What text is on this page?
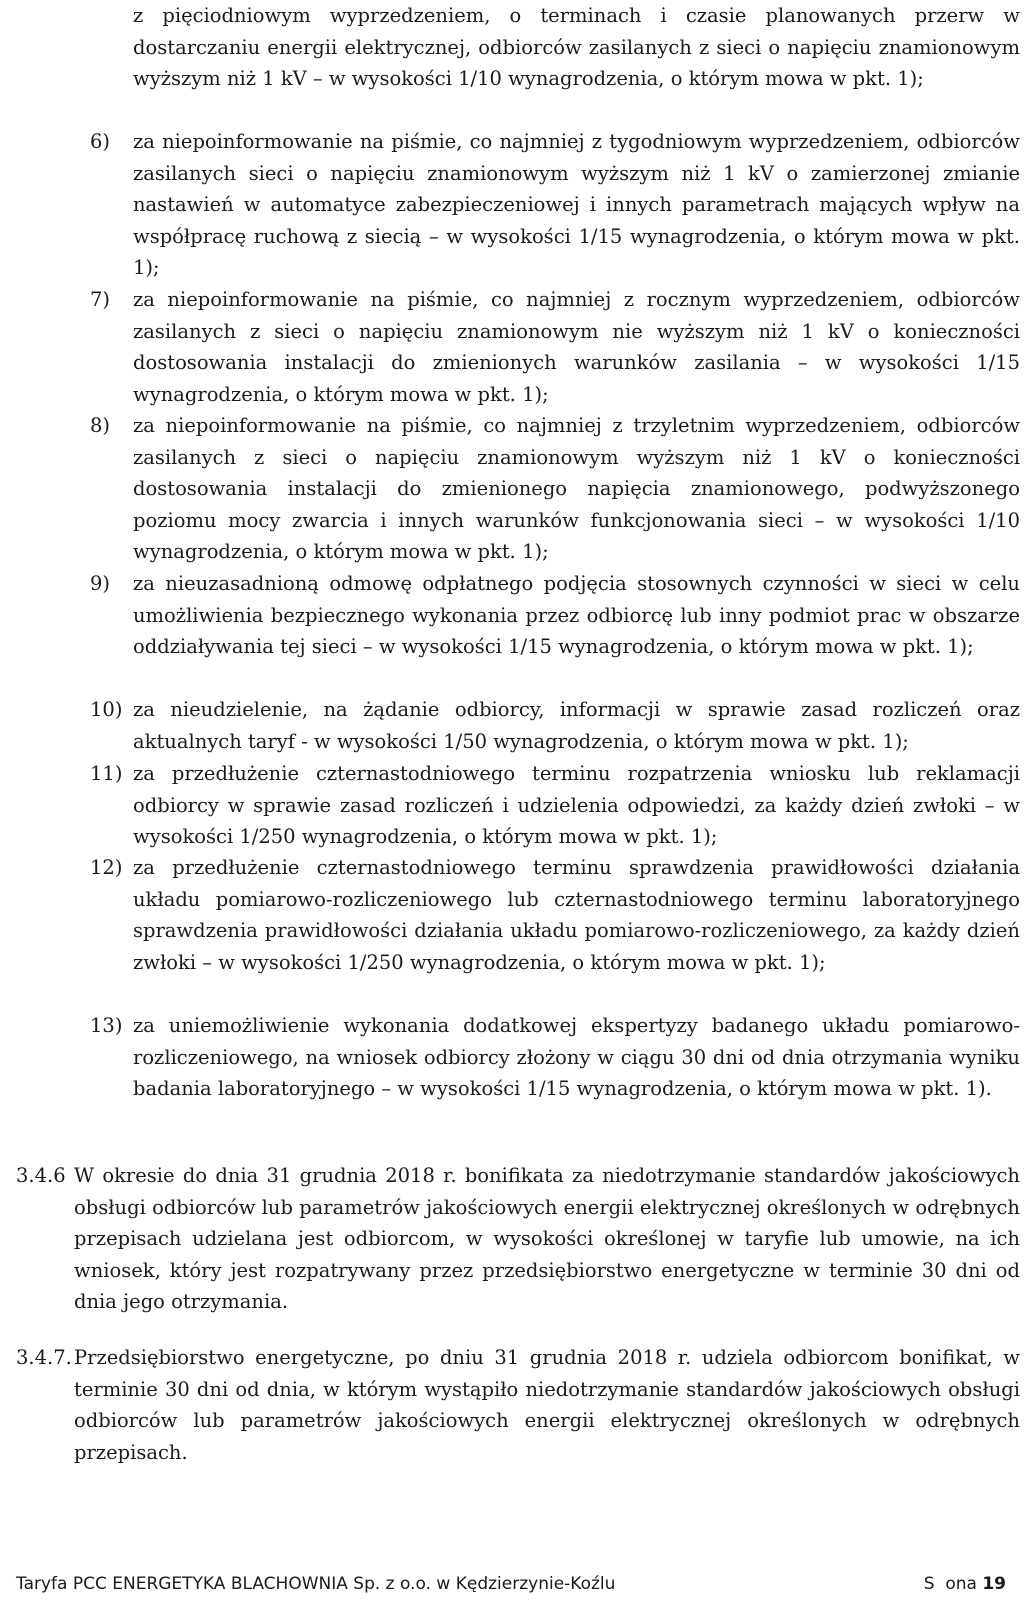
z pięciodniowym wyprzedzeniem, o terminach i czasie planowanych przerw w dostarczaniu energii elektrycznej, odbiorców zasilanych z sieci o napięciu znamionowym wyższym niż 1 kV – w wysokości 1/10 wynagrodzenia, o którym mowa w pkt. 1);
6)	za niepoinformowanie na piśmie, co najmniej z tygodniowym wyprzedzeniem, odbiorców zasilanych sieci o napięciu znamionowym wyższym niż 1 kV o zamierzonej zmianie nastawień w automatyce zabezpieczeniowej i innych parametrach mających wpływ na współpracę ruchową z siecią – w wysokości 1/15 wynagrodzenia, o którym mowa w pkt. 1);
7)	za niepoinformowanie na piśmie, co najmniej z rocznym wyprzedzeniem, odbiorców zasilanych z sieci o napięciu znamionowym nie wyższym niż 1 kV o konieczności dostosowania instalacji do zmienionych warunków zasilania – w wysokości 1/15 wynagrodzenia, o którym mowa w pkt. 1);
8)	za niepoinformowanie na piśmie, co najmniej z trzyletnim wyprzedzeniem, odbiorców zasilanych z sieci o napięciu znamionowym wyższym niż 1 kV o konieczności dostosowania instalacji do zmienionego napięcia znamionowego, podwyższonego poziomu mocy zwarcia i innych warunków funkcjonowania sieci – w wysokości 1/10 wynagrodzenia, o którym mowa w pkt. 1);
9)	za nieuzasadnioną odmowę odpłatnego podjęcia stosownych czynności w sieci w celu umożliwienia bezpiecznego wykonania przez odbiorcę lub inny podmiot prac w obszarze oddziaływania tej sieci – w wysokości 1/15 wynagrodzenia, o którym mowa w pkt. 1);
10) za nieudzielenie, na żądanie odbiorcy, informacji w sprawie zasad rozliczeń oraz aktualnych taryf - w wysokości 1/50 wynagrodzenia, o którym mowa w pkt. 1);
11) za przedłużenie czternastodniowego terminu rozpatrzenia wniosku lub reklamacji odbiorcy w sprawie zasad rozliczeń i udzielenia odpowiedzi, za każdy dzień zwłoki – w wysokości 1/250 wynagrodzenia, o którym mowa w pkt. 1);
12) za przedłużenie czternastodniowego terminu sprawdzenia prawidłowości działania układu pomiarowo-rozliczeniowego lub czternastodniowego terminu laboratoryjnego sprawdzenia prawidłowości działania układu pomiarowo-rozliczeniowego, za każdy dzień zwłoki – w wysokości 1/250 wynagrodzenia, o którym mowa w pkt. 1);
13) za uniemożliwienie wykonania dodatkowej ekspertyzy badanego układu pomiarowo-rozliczeniowego, na wniosek odbiorcy złożony w ciągu 30 dni od dnia otrzymania wyniku badania laboratoryjnego – w wysokości 1/15 wynagrodzenia, o którym mowa w pkt. 1).
3.4.6 W okresie do dnia 31 grudnia 2018 r. bonifikata za niedotrzymanie standardów jakościowych obsługi odbiorców lub parametrów jakościowych energii elektrycznej określonych w odrębnych przepisach udzielana jest odbiorcom, w wysokości określonej w taryfie lub umowie, na ich wniosek, który jest rozpatrywany przez przedsiębiorstwo energetyczne w terminie 30 dni od dnia jego otrzymania.
3.4.7. Przedsiębiorstwo energetyczne, po dniu 31 grudnia 2018 r. udziela odbiorcom bonifikat, w terminie 30 dni od dnia, w którym wystąpiło niedotrzymanie standardów jakościowych obsługi odbiorców lub parametrów jakościowych energii elektrycznej określonych w odrębnych przepisach.
Taryfa PCC ENERGETYKA BLACHOWNIA Sp. z o.o. w Kędzierzynie-Koźlu	S  ona 19
